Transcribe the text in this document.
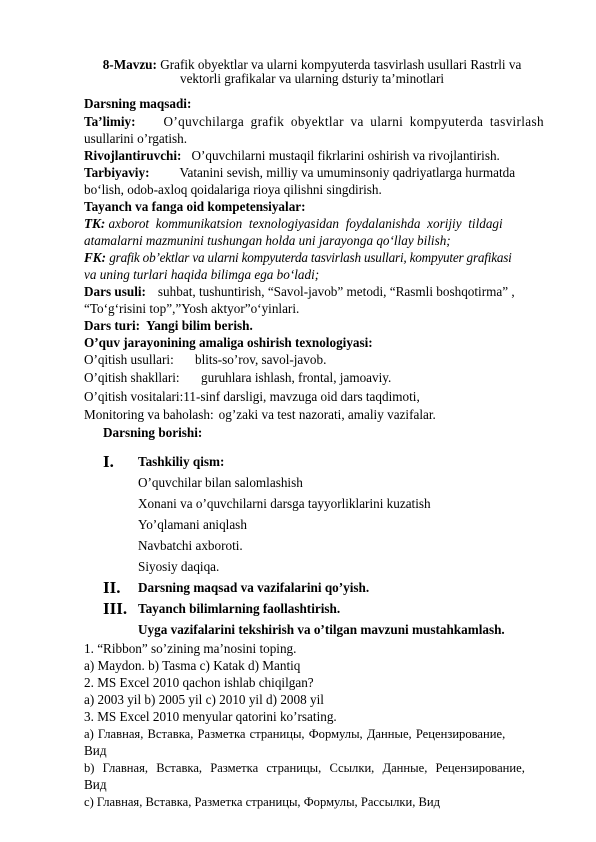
8-Mavzu: Grafik obyektlar va ularni kompyuterda tasvirlash usullari Rastrli va
vektorli grafikalar va ularning dsturiy ta’minotlari
Darsning maqsadi:
Ta’limiy: O’quvchilarga grafik obyektlar va ularni kompyuterda tasvirlash
usullarini o’rgatish.
Rivojlantiruvchi: O’quvchilarni mustaqil fikrlarini oshirish va rivojlantirish.
Tarbiyaviy: Vatanini sevish, milliy va umuminsoniy qadriyatlarga hurmatda
bo‘lish, odob-axloq qoidalariga rioya qilishni singdirish.
Tayanch va fanga oid kompetensiyalar:
TK: axborot kommunikatsion texnologiyasidan foydalanishda xorijiy tildagi
atamalarni mazmunini tushungan holda uni jarayonga qo‘llay bilish;
FK: grafik ob’ektlar va ularni kompyuterda tasvirlash usullari, kompyuter grafikasi
va uning turlari haqida bilimga ega bo‘ladi;
Dars usuli: suhbat, tushuntirish, “Savol-javob” metodi, “Rasmli boshqotirma” ,
“To‘g‘risini top”,”Yosh aktyor”o‘yinlari.
Dars turi: Yangi bilim berish.
O’quv jarayonining amaliga oshirish texnologiyasi:
O’qitish usullari: blits-so’rov, savol-javob.
O’qitish shakllari: guruhlara ishlash, frontal, jamoaviy.
O’qitish vositalari:11-sinf darsligi, mavzuga oid dars taqdimoti,
Monitoring va baholash: og’zaki va test nazorati, amaliy vazifalar.
Darsning borishi:
I. Tashkiliy qism:
O’quvchilar bilan salomlashish
Xonani va o’quvchilarni darsga tayyorliklarini kuzatish
Yo’qlamani aniqlash
Navbatchi axboroti.
Siyosiy daqiqa.
II. Darsning maqsad va vazifalarini qo’yish.
III. Tayanch bilimlarning faollashtirish.
Uyga vazifalarini tekshirish va o’tilgan mavzuni mustahkamlash.
1. “Ribbon” so’zining ma’nosini toping.
a) Maydon. b) Tasma c) Katak d) Mantiq
2. MS Excel 2010 qachon ishlab chiqilgan?
a) 2003 yil b) 2005 yil c) 2010 yil d) 2008 yil
3. MS Excel 2010 menyular qatorini ko’rsating.
a) Главная, Вставка, Разметка страницы, Формулы, Данные, Рецензирование,
Вид
b) Главная, Вставка, Разметка страницы, Ссылки, Данные, Рецензирование,
Вид
c) Главная, Вставка, Разметка страницы, Формулы, Рассылки, Вид
